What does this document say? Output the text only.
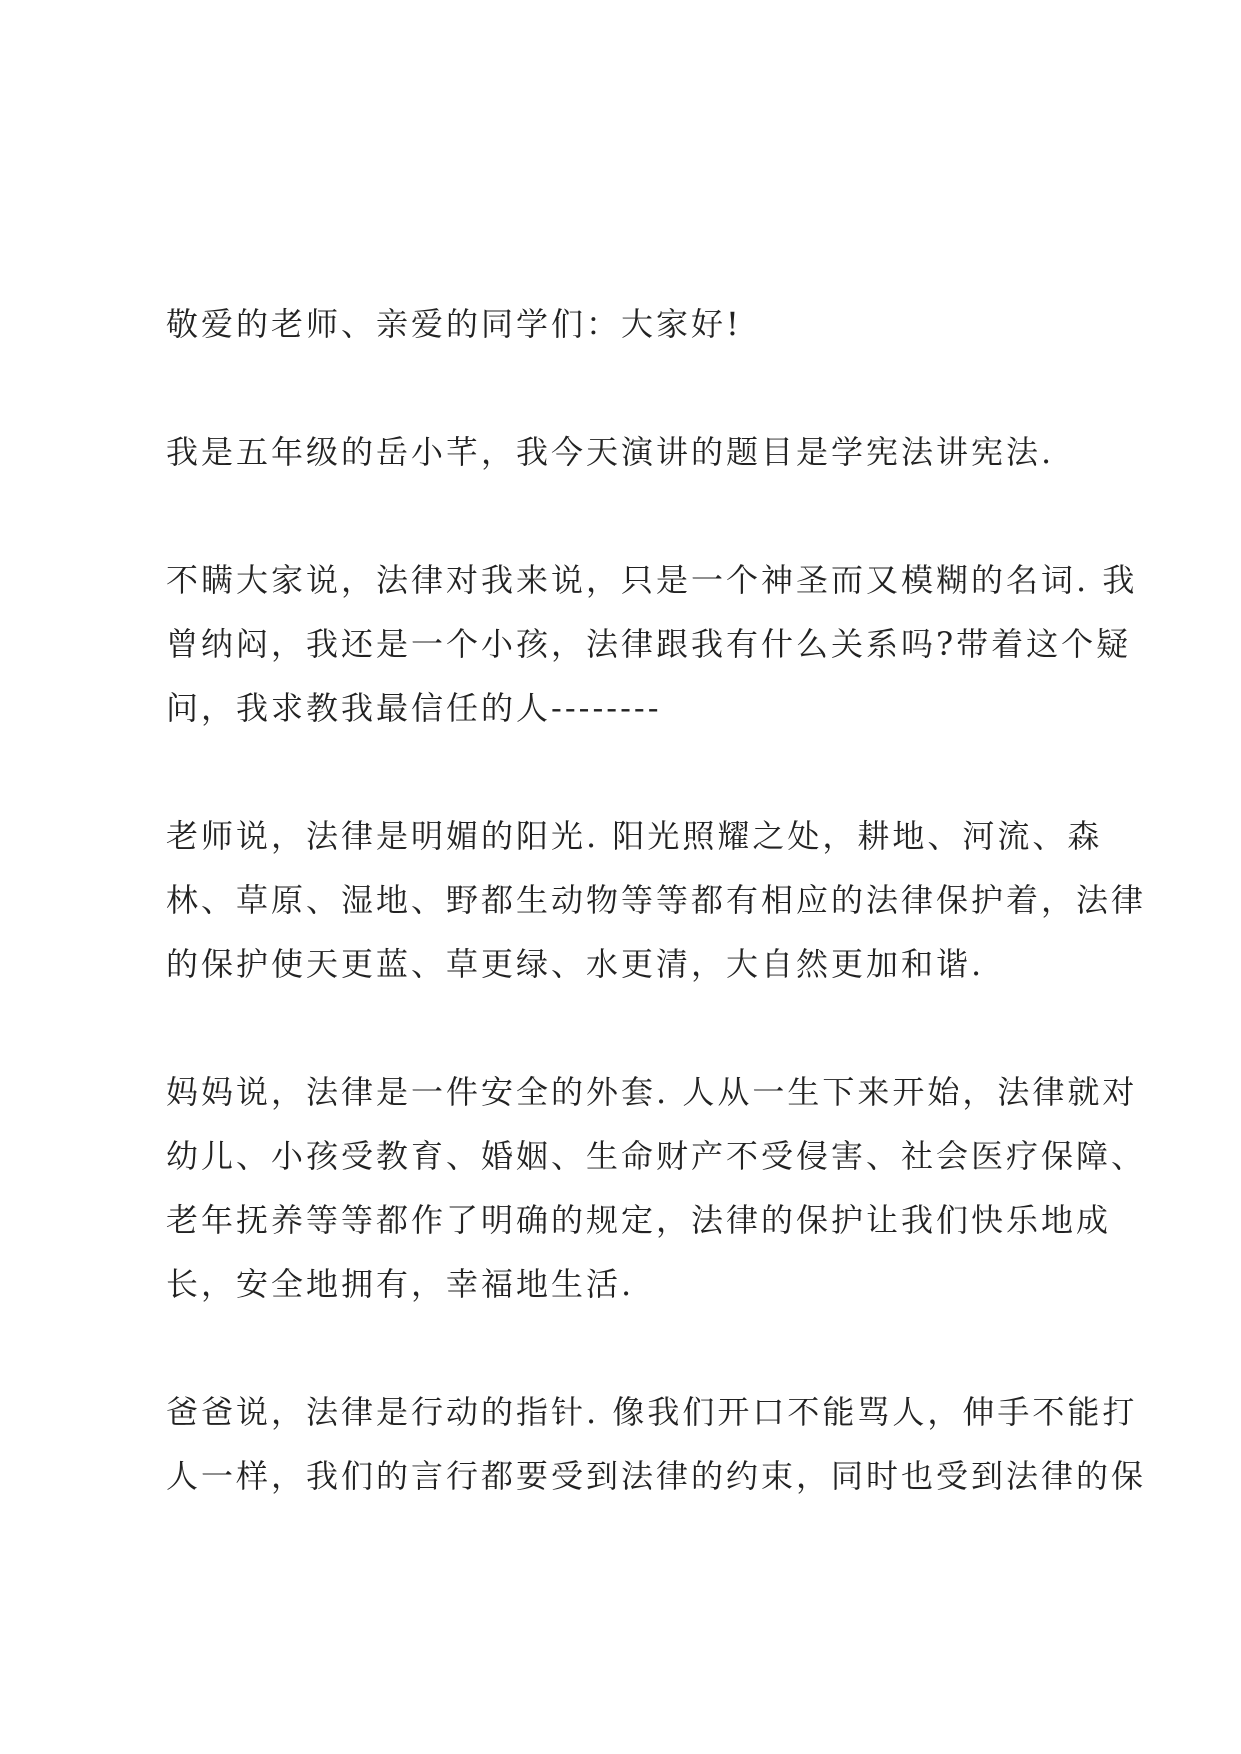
敬爱的老师、亲爱的同学们：大家好!

我是五年级的岳小芊，我今天演讲的题目是学宪法讲宪法.

不瞒大家说，法律对我来说，只是一个神圣而又模糊的名词. 我
曾纳闷，我还是一个小孩，法律跟我有什么关系吗?带着这个疑
问，我求教我最信任的人--------

老师说，法律是明媚的阳光. 阳光照耀之处，耕地、河流、森
林、草原、湿地、野都生动物等等都有相应的法律保护着，法律
的保护使天更蓝、草更绿、水更清，大自然更加和谐.

妈妈说，法律是一件安全的外套. 人从一生下来开始，法律就对
幼儿、小孩受教育、婚姻、生命财产不受侵害、社会医疗保障、
老年抚养等等都作了明确的规定，法律的保护让我们快乐地成
长，安全地拥有，幸福地生活.

爸爸说，法律是行动的指针. 像我们开口不能骂人，伸手不能打
人一样，我们的言行都要受到法律的约束，同时也受到法律的保
